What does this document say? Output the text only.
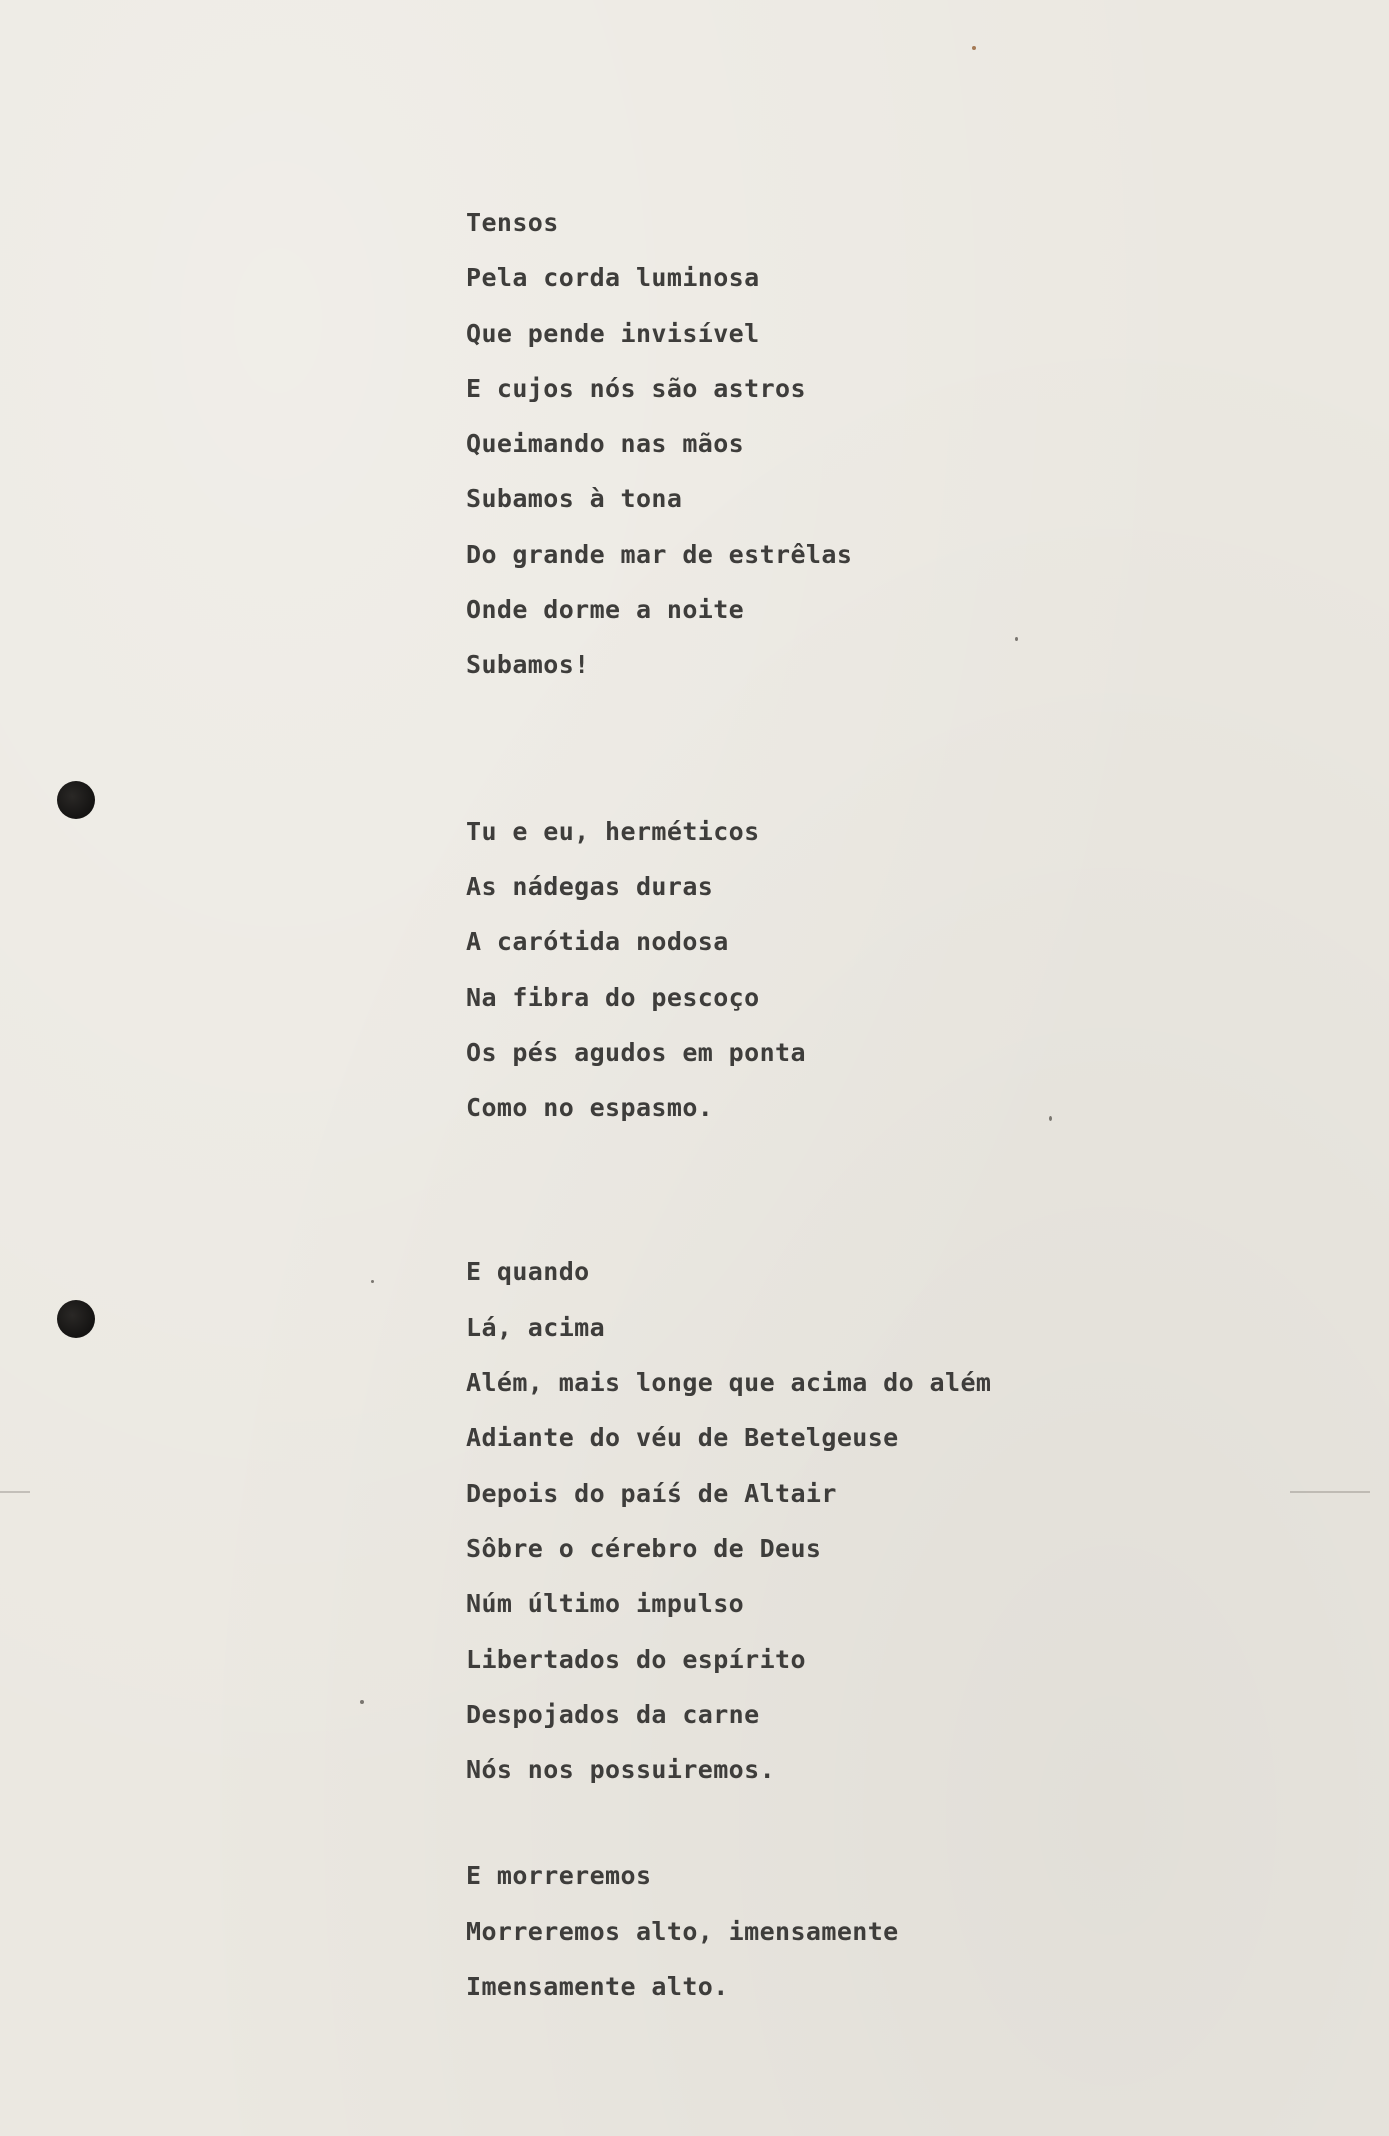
Tensos
Pela corda luminosa
Que pende invisível
E cujos nós são astros
Queimando nas mãos
Subamos à tona
Do grande mar de estrêlas
Onde dorme a noite
Subamos!
Tu e eu, herméticos
As nádegas duras
A carótida nodosa
Na fibra do pescoço
Os pés agudos em ponta
Como no espasmo.
E quando
Lá, acima
Além, mais longe que acima do além
Adiante do véu de Betelgeuse
Depois do paíś de Altair
Sôbre o cérebro de Deus
Núm último impulso
Libertados do espírito
Despojados da carne
Nós nos possuiremos.
E morreremos
Morreremos alto, imensamente
Imensamente alto.
